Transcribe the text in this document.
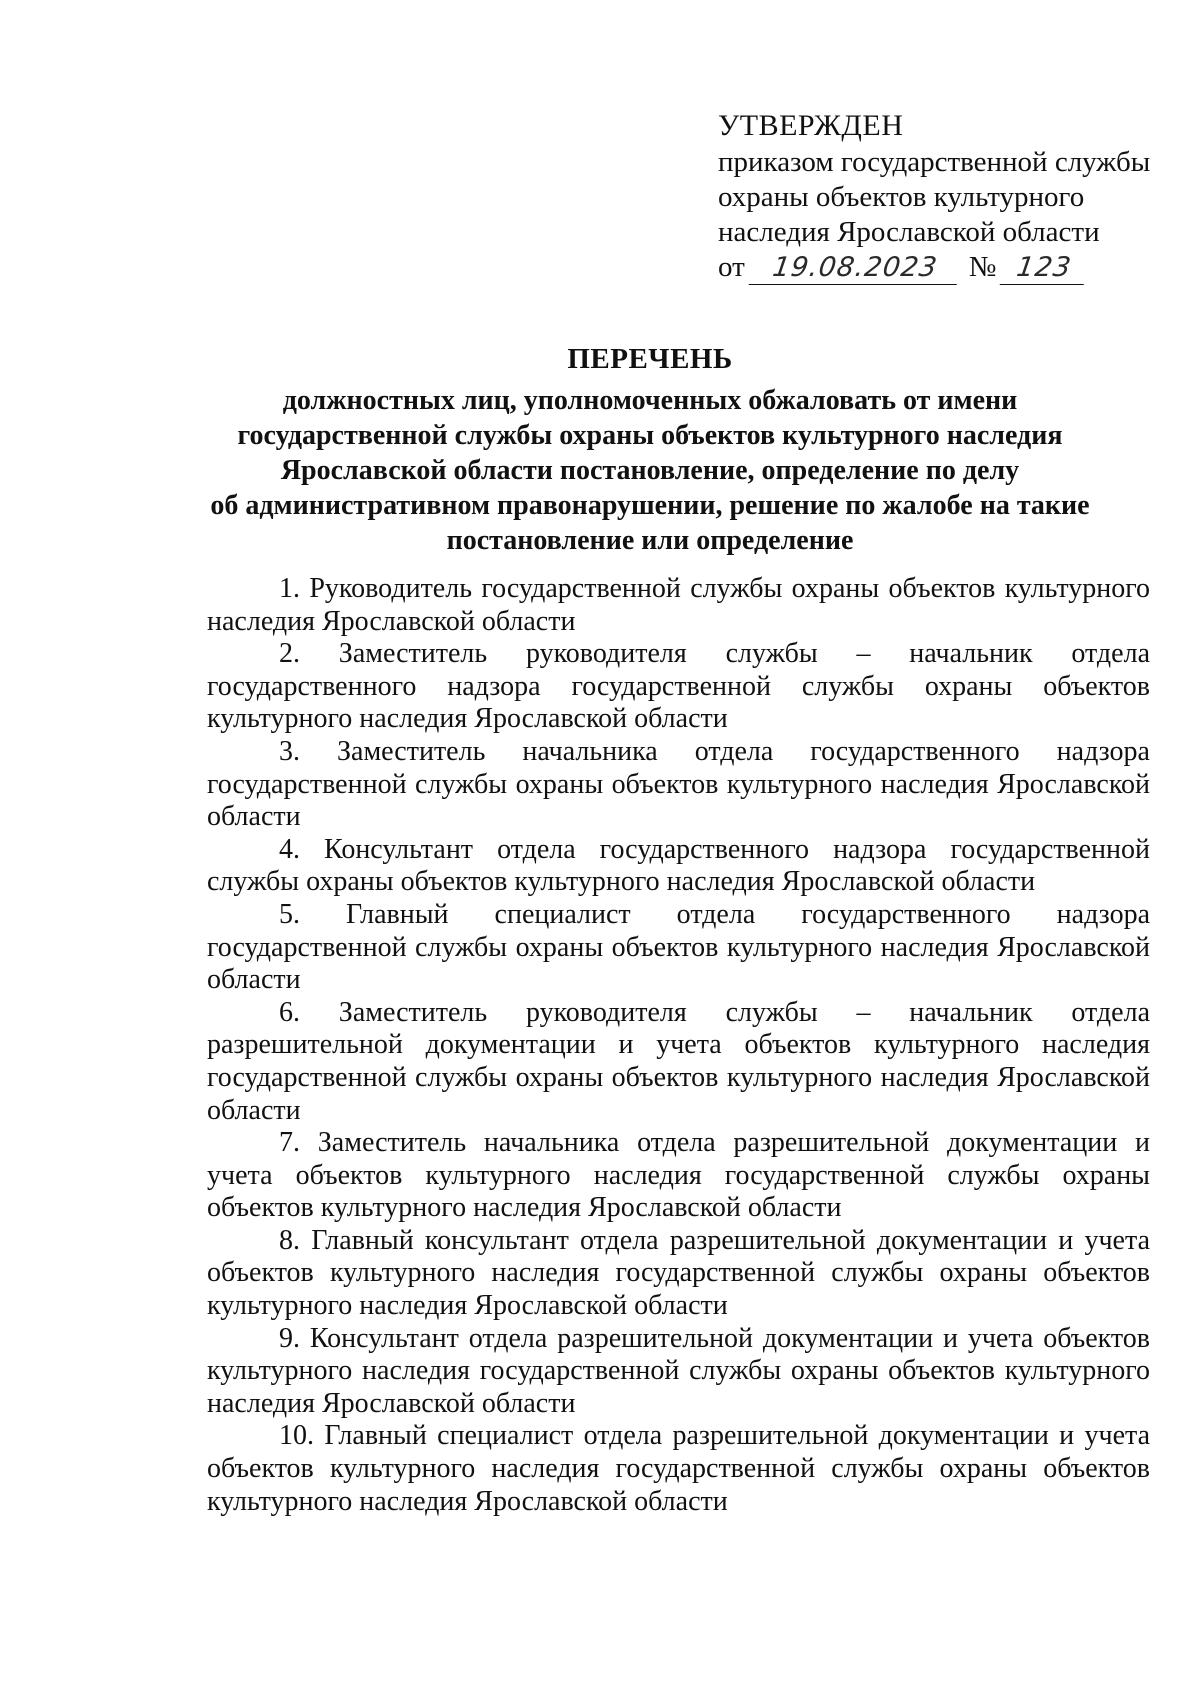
УТВЕРЖДЕН
приказом государственной службы
охраны объектов культурного
наследия Ярославской области
от 19.08.2023	№ 123
ПЕРЕЧЕНЬ
должностных лиц, уполномоченных обжаловать от имени
государственной службы охраны объектов культурного наследия
Ярославской области постановление, определение по делу
об административном правонарушении, решение по жалобе на такие
постановление или определение

1. Руководитель государственной службы охраны объектов культурного наследия Ярославской области

2. Заместитель руководителя службы – начальник отдела государственного надзора государственной службы охраны объектов культурного наследия Ярославской области

3. Заместитель начальника отдела государственного надзора государственной службы охраны объектов культурного наследия Ярославской области

4. Консультант отдела государственного надзора государственной службы охраны объектов культурного наследия Ярославской области

5. Главный специалист отдела государственного надзора государственной службы охраны объектов культурного наследия Ярославской области

6. Заместитель руководителя службы – начальник отдела разрешительной документации и учета объектов культурного наследия государственной службы охраны объектов культурного наследия Ярославской области

7. Заместитель начальника отдела разрешительной документации и учета объектов культурного наследия государственной службы охраны объектов культурного наследия Ярославской области

8. Главный консультант отдела разрешительной документации и учета объектов культурного наследия государственной службы охраны объектов культурного наследия Ярославской области

9. Консультант отдела разрешительной документации и учета объектов культурного наследия государственной службы охраны объектов культурного наследия Ярославской области

10. Главный специалист отдела разрешительной документации и учета объектов культурного наследия государственной службы охраны объектов культурного наследия Ярославской области
